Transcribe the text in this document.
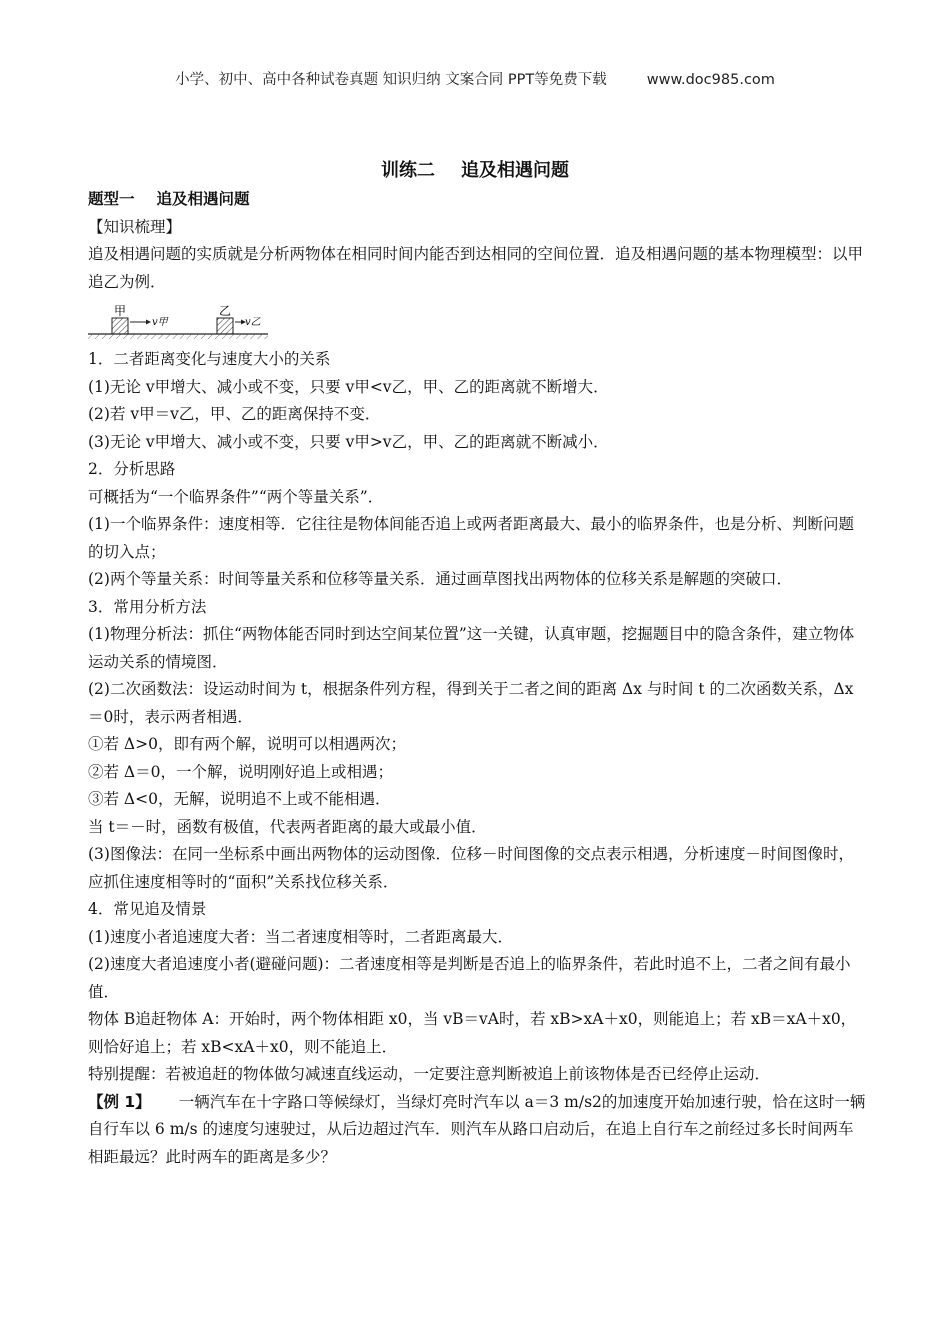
小学、初中、高中各种试卷真题 知识归纳 文案合同 PPT等免费下载	www.doc985.com
训练二 追及相遇问题

题型一 追及相遇问题

【知识梳理】

追及相遇问题的实质就是分析两物体在相同时间内能否到达相同的空间位置．追及相遇问题的基本物理模型：以甲追乙为例．

甲
v甲
乙
v乙

1．二者距离变化与速度大小的关系

(1)无论 v甲增大、减小或不变，只要 v甲<v乙，甲、乙的距离就不断增大．

(2)若 v甲＝v乙，甲、乙的距离保持不变．

(3)无论 v甲增大、减小或不变，只要 v甲>v乙，甲、乙的距离就不断减小．

2．分析思路

可概括为“一个临界条件”“两个等量关系”．

(1)一个临界条件：速度相等．它往往是物体间能否追上或两者距离最大、最小的临界条件，也是分析、判断问题的切入点；

(2)两个等量关系：时间等量关系和位移等量关系．通过画草图找出两物体的位移关系是解题的突破口．

3．常用分析方法

(1)物理分析法：抓住“两物体能否同时到达空间某位置”这一关键，认真审题，挖掘题目中的隐含条件，建立物体运动关系的情境图．

(2)二次函数法：设运动时间为 t，根据条件列方程，得到关于二者之间的距离 Δx 与时间 t 的二次函数关系，Δx＝0时，表示两者相遇．

①若 Δ>0，即有两个解，说明可以相遇两次；

②若 Δ＝0，一个解，说明刚好追上或相遇；

③若 Δ<0，无解，说明追不上或不能相遇．

当 t＝－时，函数有极值，代表两者距离的最大或最小值．

(3)图像法：在同一坐标系中画出两物体的运动图像．位移－时间图像的交点表示相遇，分析速度－时间图像时，应抓住速度相等时的“面积”关系找位移关系．

4．常见追及情景

(1)速度小者追速度大者：当二者速度相等时，二者距离最大．

(2)速度大者追速度小者(避碰问题)：二者速度相等是判断是否追上的临界条件，若此时追不上，二者之间有最小值．

物体 B追赶物体 A：开始时，两个物体相距 x0，当 vB＝vA时，若 xB>xA＋x0，则能追上；若 xB＝xA＋x0，则恰好追上；若 xB<xA＋x0，则不能追上．

特别提醒：若被追赶的物体做匀减速直线运动，一定要注意判断被追上前该物体是否已经停止运动．

【例 1】 一辆汽车在十字路口等候绿灯，当绿灯亮时汽车以 a＝3 m/s2的加速度开始加速行驶，恰在这时一辆自行车以 6 m/s 的速度匀速驶过，从后边超过汽车．则汽车从路口启动后，在追上自行车之前经过多长时间两车相距最远？此时两车的距离是多少？
